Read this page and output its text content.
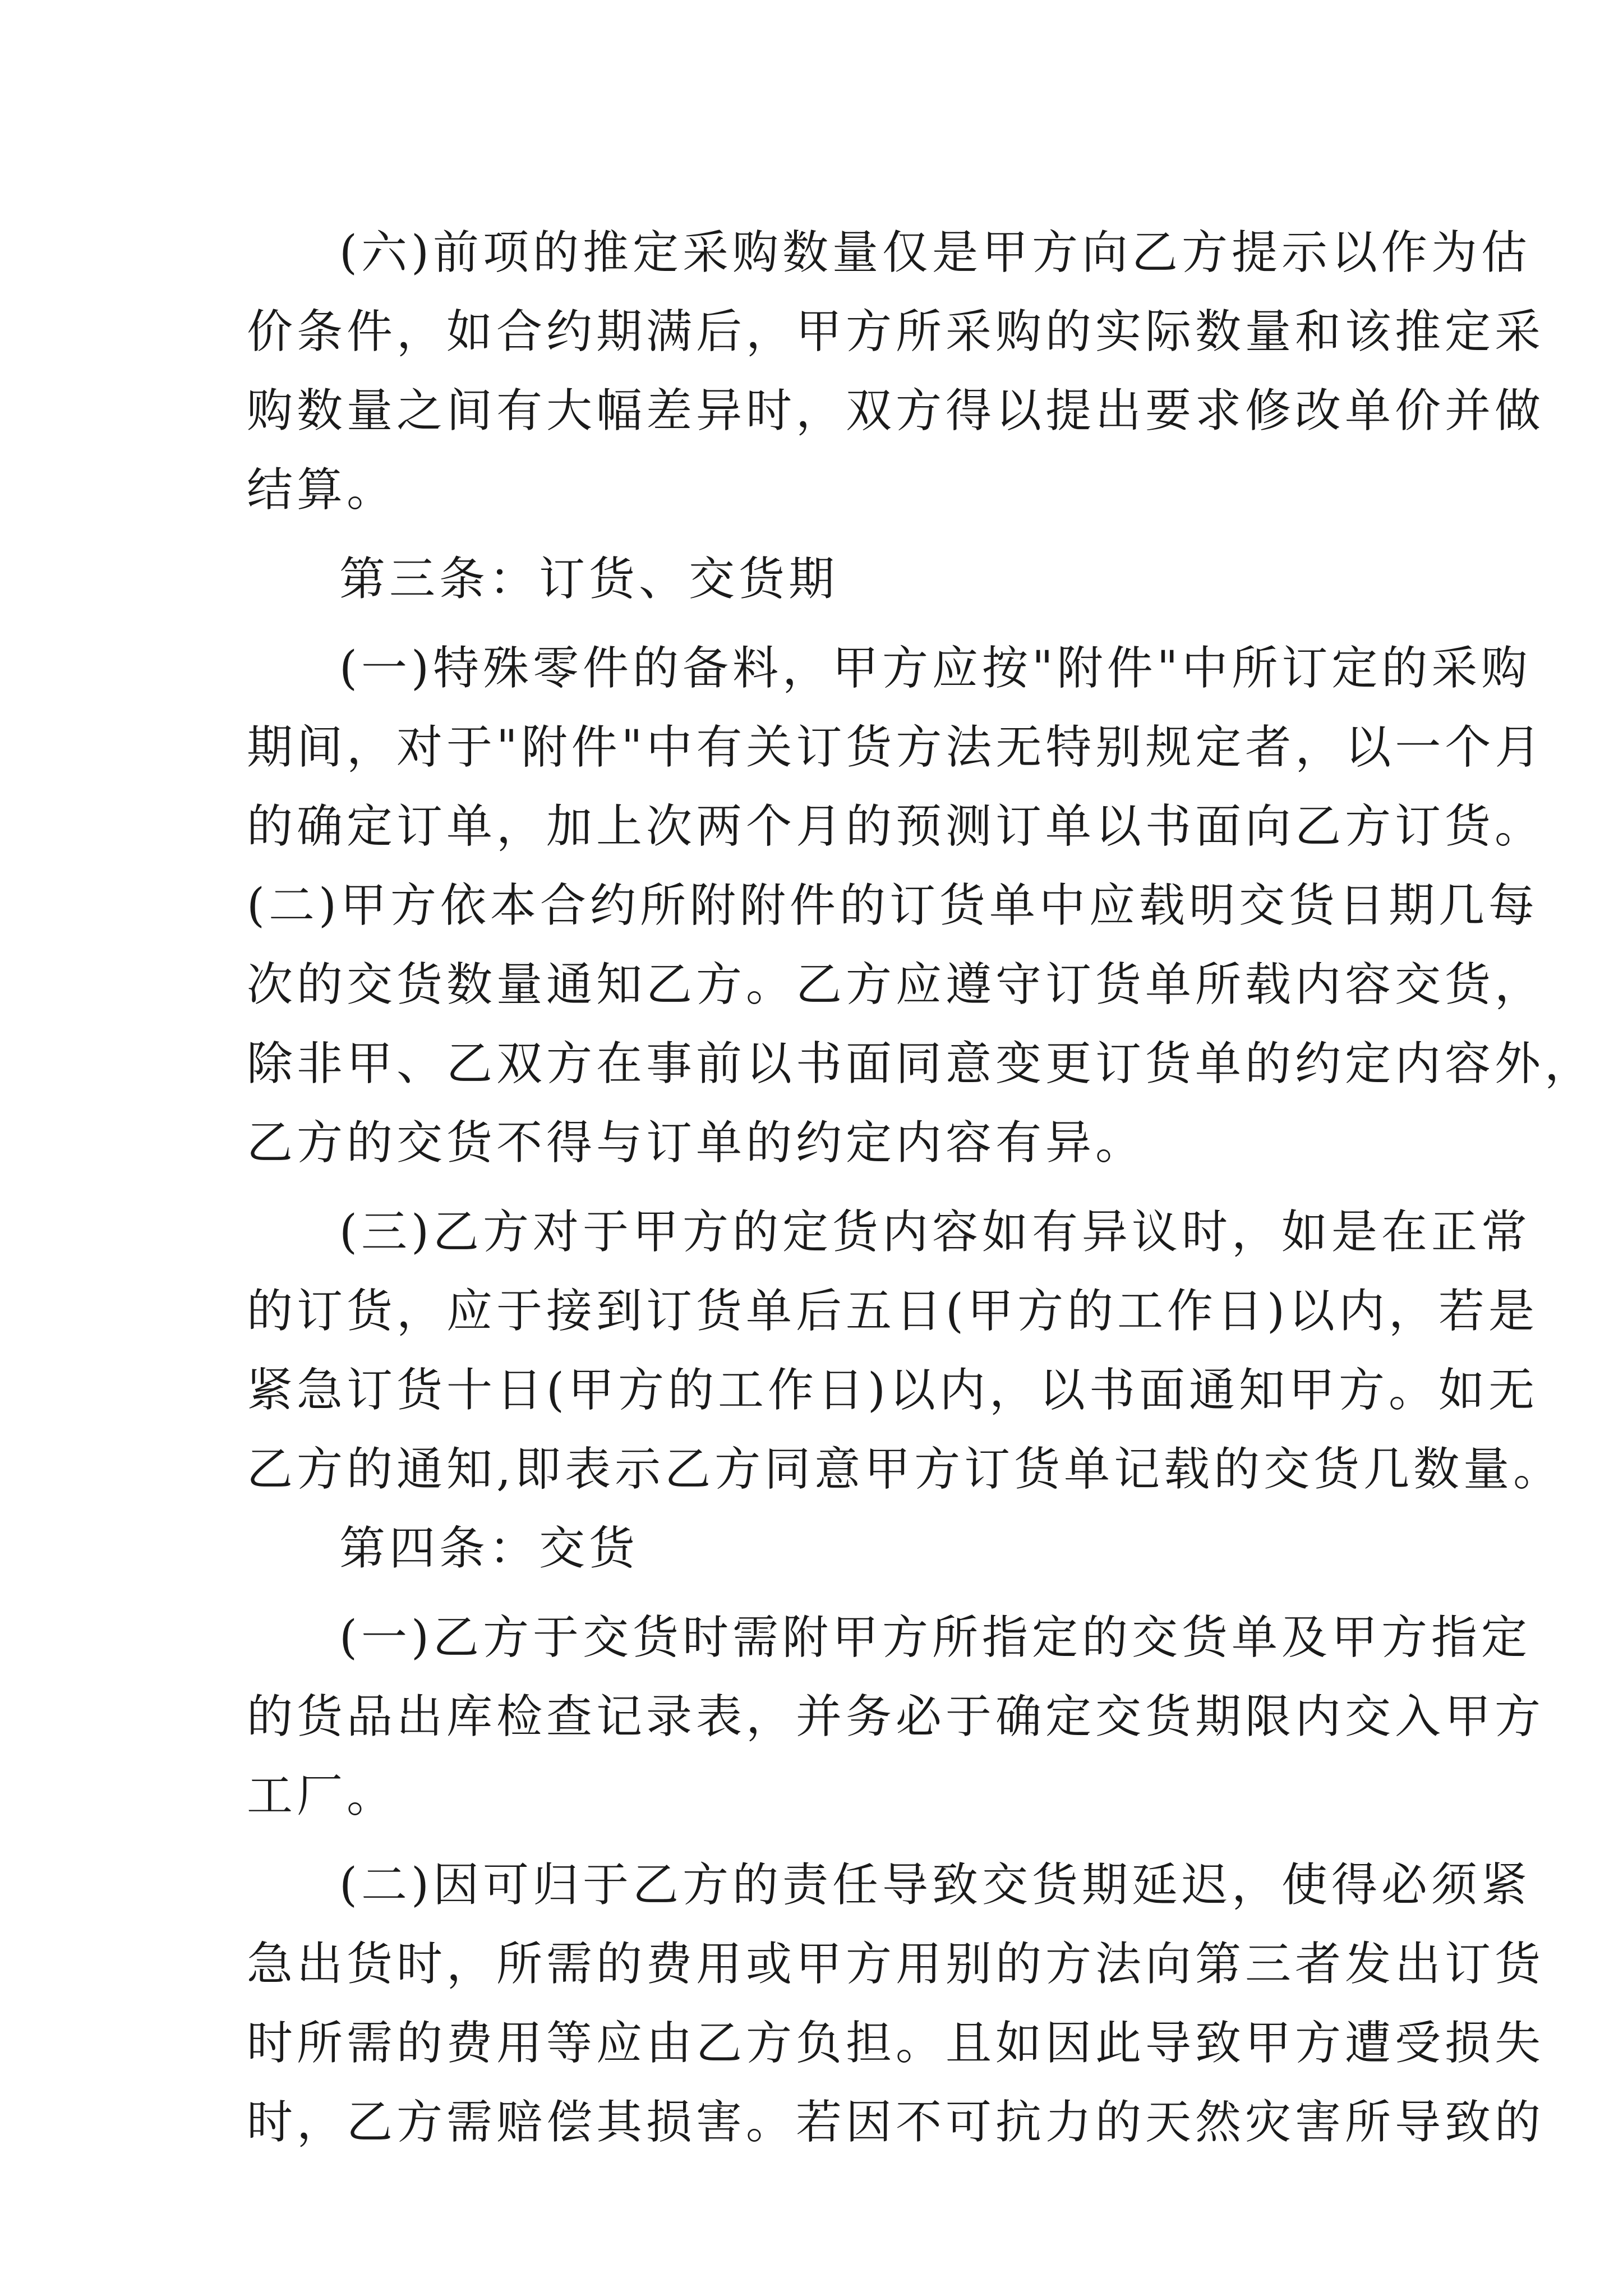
(六)前项的推定采购数量仅是甲方向乙方提示以作为估
价条件，如合约期满后，甲方所采购的实际数量和该推定采
购数量之间有大幅差异时，双方得以提出要求修改单价并做
结算。
第三条：订货、交货期
(一)特殊零件的备料，甲方应按"附件"中所订定的采购
期间，对于"附件"中有关订货方法无特别规定者，以一个月
的确定订单，加上次两个月的预测订单以书面向乙方订货。
(二)甲方依本合约所附附件的订货单中应载明交货日期几每
次的交货数量通知乙方。乙方应遵守订货单所载内容交货，
除非甲、乙双方在事前以书面同意变更订货单的约定内容外，
乙方的交货不得与订单的约定内容有异。
(三)乙方对于甲方的定货内容如有异议时，如是在正常
的订货，应于接到订货单后五日(甲方的工作日)以内，若是
紧急订货十日(甲方的工作日)以内，以书面通知甲方。如无
乙方的通知,即表示乙方同意甲方订货单记载的交货几数量。
第四条：交货
(一)乙方于交货时需附甲方所指定的交货单及甲方指定
的货品出库检查记录表，并务必于确定交货期限内交入甲方
工厂。
(二)因可归于乙方的责任导致交货期延迟，使得必须紧
急出货时，所需的费用或甲方用别的方法向第三者发出订货
时所需的费用等应由乙方负担。且如因此导致甲方遭受损失
时，乙方需赔偿其损害。若因不可抗力的天然灾害所导致的
